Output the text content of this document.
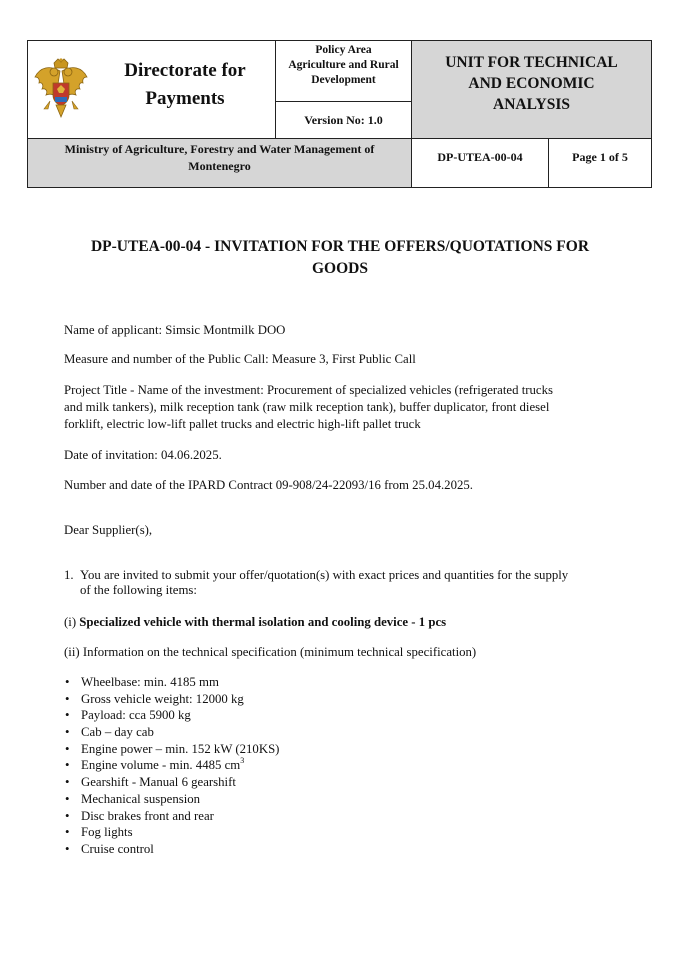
Directorate for
Payments
Policy Area
Agriculture and Rural
Development
Version No: 1.0
UNIT FOR TECHNICAL
AND ECONOMIC
ANALYSIS
Ministry of Agriculture, Forestry and Water Management of
Montenegro
DP-UTEA-00-04	Page 1 of 5
DP-UTEA-00-04 - INVITATION FOR THE OFFERS/QUOTATIONS FOR
GOODS
Name of applicant: Simsic Montmilk DOO
Measure and number of the Public Call: Measure 3, First Public Call
Project Title - Name of the investment: Procurement of specialized vehicles (refrigerated trucks
and milk tankers), milk reception tank (raw milk reception tank), buffer duplicator, front diesel
forklift, electric low-lift pallet trucks and electric high-lift pallet truck
Date of invitation: 04.06.2025.
Number and date of the IPARD Contract 09-908/24-22093/16 from 25.04.2025.
Dear Supplier(s),
1. You are invited to submit your offer/quotation(s) with exact prices and quantities for the supply
of the following items:
(i) Specialized vehicle with thermal isolation and cooling device - 1 pcs
(ii) Information on the technical specification (minimum technical specification)
• Wheelbase: min. 4185 mm
• Gross vehicle weight: 12000 kg
• Payload: cca 5900 kg
• Cab – day cab
• Engine power – min. 152 kW (210KS)
• Engine volume - min. 4485 $cm^3$
• Gearshift - Manual 6 gearshift
• Mechanical suspension
• Disc brakes front and rear
• Fog lights
• Cruise control
